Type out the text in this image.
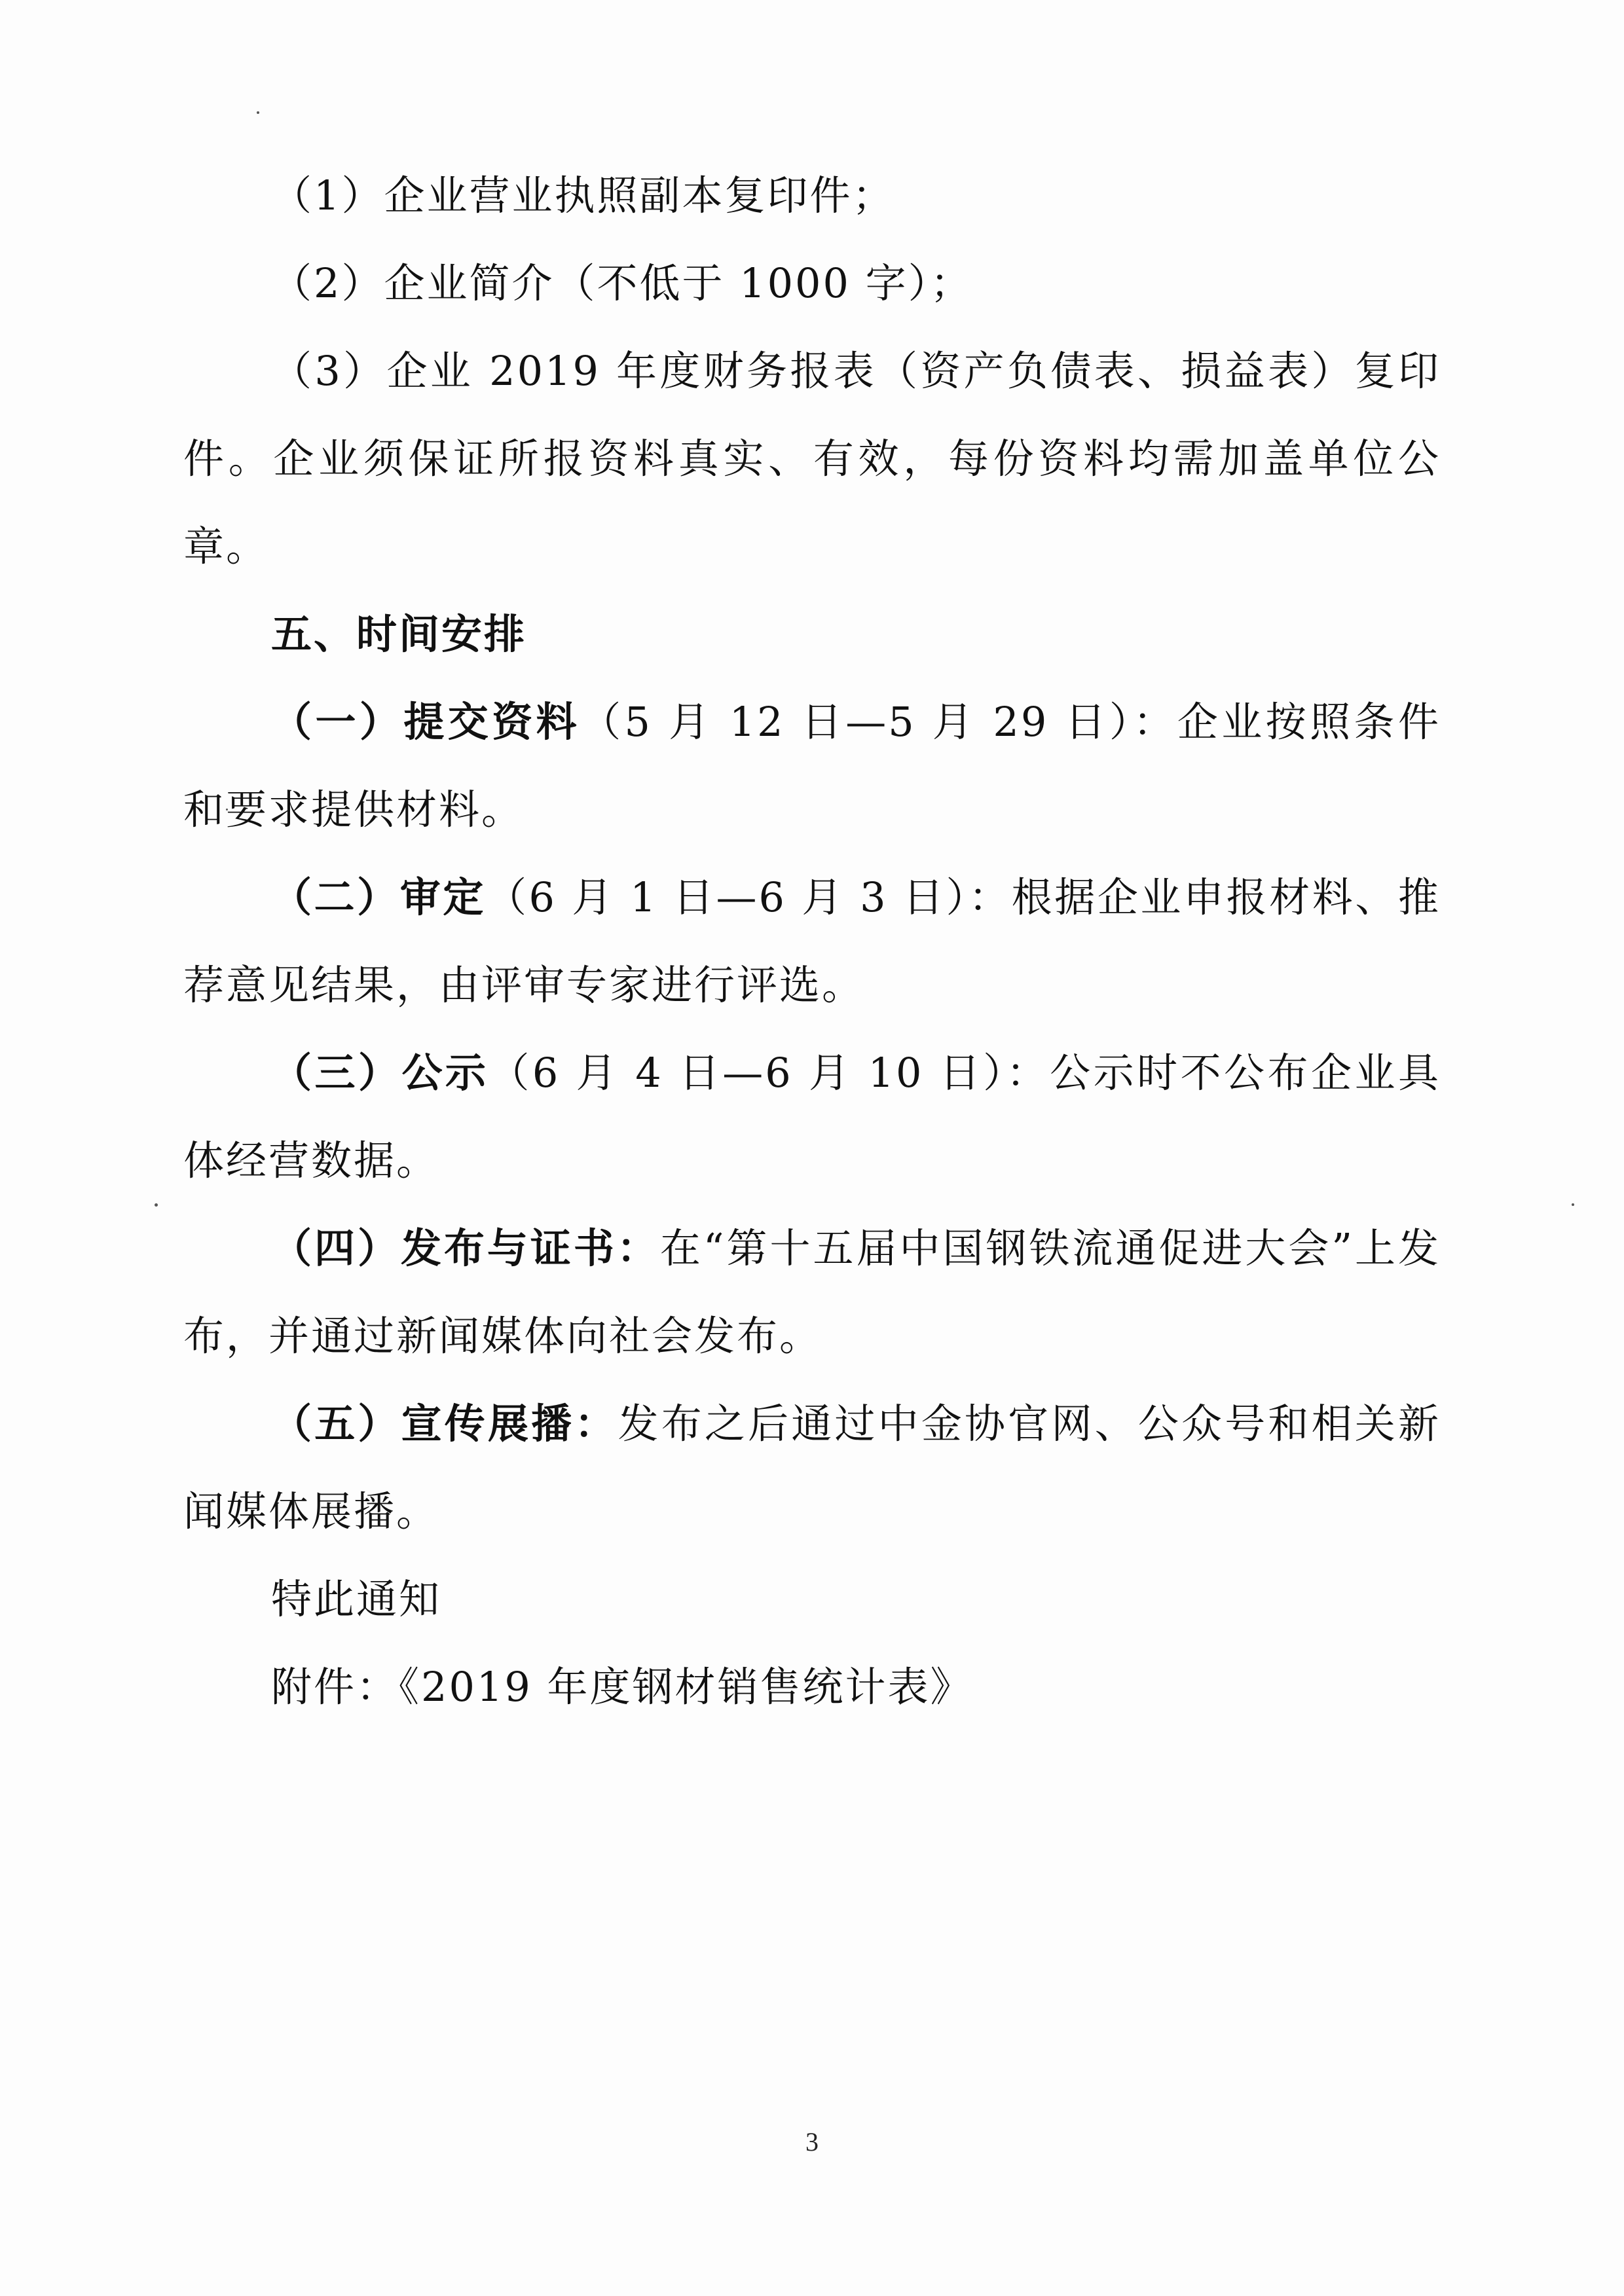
（1）企业营业执照副本复印件；

（2）企业简介（不低于 1000 字）；

（3）企业 2019 年度财务报表（资产负债表、损益表）复印件。企业须保证所报资料真实、有效，每份资料均需加盖单位公章。

五、时间安排

（一）提交资料（5 月 12 日—5 月 29 日）：企业按照条件和要求提供材料。

（二）审定（6 月 1 日—6 月 3 日）：根据企业申报材料、推荐意见结果，由评审专家进行评选。

（三）公示（6 月 4 日—6 月 10 日）：公示时不公布企业具体经营数据。

（四）发布与证书：在“第十五届中国钢铁流通促进大会”上发布，并通过新闻媒体向社会发布。

（五）宣传展播：发布之后通过中金协官网、公众号和相关新闻媒体展播。

特此通知

附件：《2019 年度钢材销售统计表》

3
